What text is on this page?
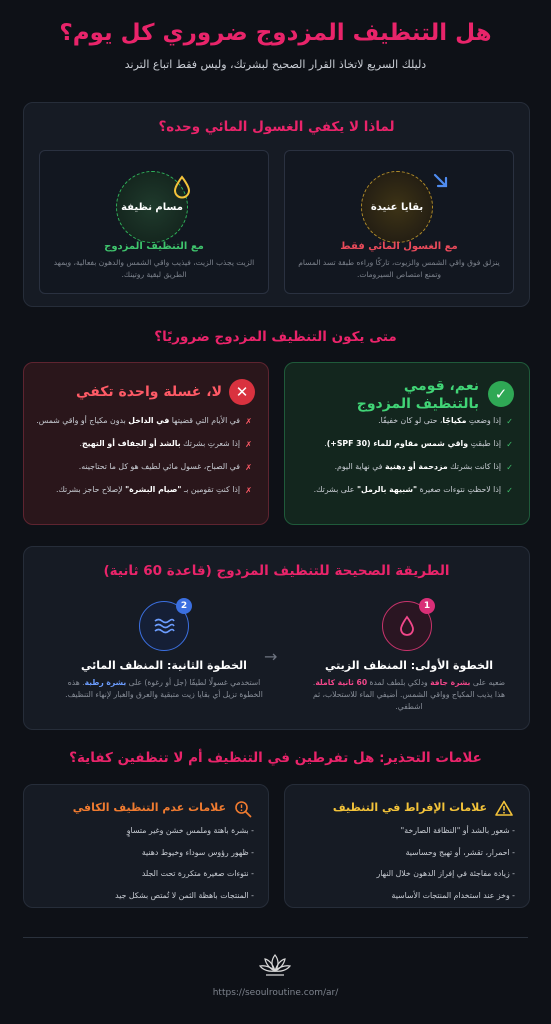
هل التنظيف المزدوج ضروري كل يوم؟
دليلك السريع لاتخاذ القرار الصحيح لبشرتك، وليس فقط اتباع الترند
لماذا لا يكفي الغسول المائي وحده؟
بقايا عنيدة
مع الغسول المائي فقط
ينزلق فوق واقي الشمس والزيوت، تاركًا وراءه طبقة تسد المسام وتمنع امتصاص السيرومات.
مسام نظيفة
مع التنظيف المزدوج
الزيت يجذب الزيت، فيذيب واقي الشمس والدهون بفعالية، ويمهد الطريق لبقية روتينك.
متى يكون التنظيف المزدوج ضروريًا؟
✓
نعم، قومي بالتنظيف المزدوج
✓
إذا وضعتِ مكياجًا، حتى لو كان خفيفًا.
✓
إذا طبقتِ واقي شمس مقاوم للماء (SPF 30+).
✓
إذا كانت بشرتك مزدحمة أو دهنية في نهاية اليوم.
✓
إذا لاحظتِ نتوءات صغيرة "شبيهة بالرمل" على بشرتك.
✕
لا، غسلة واحدة تكفي
✗
في الأيام التي قضيتها في الداخل بدون مكياج أو واقي شمس.
✗
إذا شعرتِ بشرتك بالشد أو الجفاف أو التهيج.
✗
في الصباح، غسول مائي لطيف هو كل ما تحتاجينه.
✗
إذا كنتِ تقومين بـ "صيام البشرة" لإصلاح حاجز بشرتك.
الطريقة الصحيحة للتنظيف المزدوج (قاعدة 60 ثانية)
1
الخطوة الأولى: المنظف الزيتي
ضعيه على بشرة جافة ودلكي بلطف لمدة 60 ثانية كاملة. هذا يذيب المكياج وواقي الشمس. أضيفي الماء للاستحلاب، ثم اشطفي.
→
2
الخطوة الثانية: المنظف المائي
استخدمي غسولًا لطيفًا (جل أو رغوة) على بشرة رطبة. هذه الخطوة تزيل أي بقايا زيت متبقية والعرق والغبار لإنهاء التنظيف.
علامات التحذير: هل تفرطين في التنظيف أم لا تنظفين كفاية؟
علامات الإفراط في التنظيف
- شعور بالشد أو "النظافة الصارخة"
- احمرار، تقشر، أو تهيج وحساسية
- زيادة مفاجئة في إفراز الدهون خلال النهار
- وخز عند استخدام المنتجات الأساسية
علامات عدم التنظيف الكافي
- بشرة باهتة وملمس خشن وغير متساوٍ
- ظهور رؤوس سوداء وخيوط دهنية
- نتوءات صغيرة متكررة تحت الجلد
- المنتجات باهظة الثمن لا تُمتص بشكل جيد
https://seoulroutine.com/ar/
